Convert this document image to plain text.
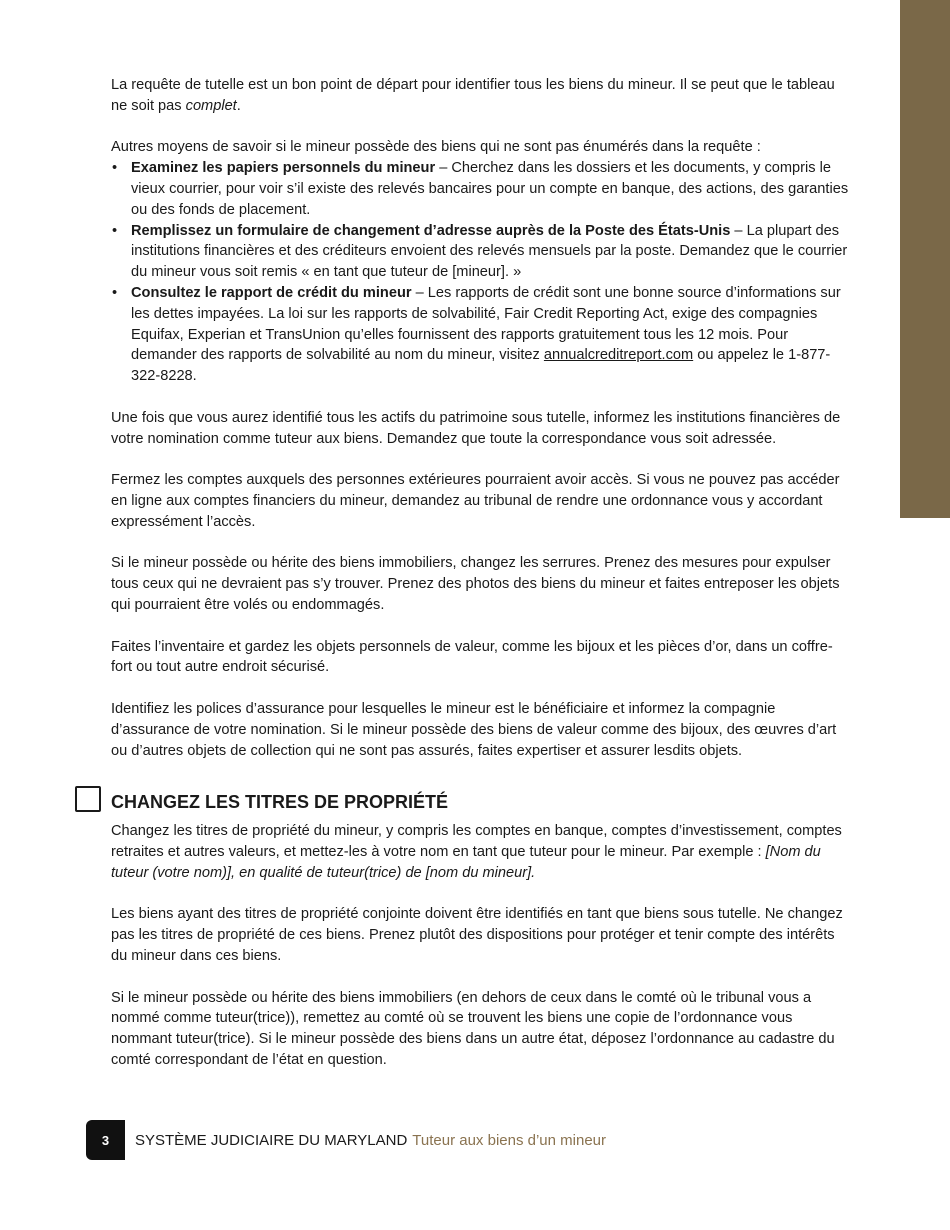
La requête de tutelle est un bon point de départ pour identifier tous les biens du mineur. Il se peut que le tableau ne soit pas complet.

Autres moyens de savoir si le mineur possède des biens qui ne sont pas énumérés dans la requête :
• Examinez les papiers personnels du mineur – Cherchez dans les dossiers et les documents, y compris le vieux courrier, pour voir s’il existe des relevés bancaires pour un compte en banque, des actions, des garanties ou des fonds de placement.
• Remplissez un formulaire de changement d’adresse auprès de la Poste des États-Unis – La plupart des institutions financières et des créditeurs envoient des relevés mensuels par la poste. Demandez que le courrier du mineur vous soit remis « en tant que tuteur de [mineur]. »
• Consultez le rapport de crédit du mineur – Les rapports de crédit sont une bonne source d’informations sur les dettes impayées. La loi sur les rapports de solvabilité, Fair Credit Reporting Act, exige des compagnies Equifax, Experian et TransUnion qu’elles fournissent des rapports gratuitement tous les 12 mois. Pour demander des rapports de solvabilité au nom du mineur, visitez annualcreditreport.com ou appelez le 1-877-322-8228.

Une fois que vous aurez identifié tous les actifs du patrimoine sous tutelle, informez les institutions financières de votre nomination comme tuteur aux biens. Demandez que toute la correspondance vous soit adressée.

Fermez les comptes auxquels des personnes extérieures pourraient avoir accès. Si vous ne pouvez pas accéder en ligne aux comptes financiers du mineur, demandez au tribunal de rendre une ordonnance vous y accordant expressément l’accès.

Si le mineur possède ou hérite des biens immobiliers, changez les serrures. Prenez des mesures pour expulser tous ceux qui ne devraient pas s’y trouver. Prenez des photos des biens du mineur et faites entreposer les objets qui pourraient être volés ou endommagés.

Faites l’inventaire et gardez les objets personnels de valeur, comme les bijoux et les pièces d’or, dans un coffre-fort ou tout autre endroit sécurisé.

Identifiez les polices d’assurance pour lesquelles le mineur est le bénéficiaire et informez la compagnie d’assurance de votre nomination. Si le mineur possède des biens de valeur comme des bijoux, des œuvres d’art ou d’autres objets de collection qui ne sont pas assurés, faites expertiser et assurer lesdits objets.

CHANGEZ LES TITRES DE PROPRIÉTÉ

Changez les titres de propriété du mineur, y compris les comptes en banque, comptes d’investissement, comptes retraites et autres valeurs, et mettez-les à votre nom en tant que tuteur pour le mineur. Par exemple : [Nom du tuteur (votre nom)], en qualité de tuteur(trice) de [nom du mineur].

Les biens ayant des titres de propriété conjointe doivent être identifiés en tant que biens sous tutelle. Ne changez pas les titres de propriété de ces biens. Prenez plutôt des dispositions pour protéger et tenir compte des intérêts du mineur dans ces biens.

Si le mineur possède ou hérite des biens immobiliers (en dehors de ceux dans le comté où le tribunal vous a nommé comme tuteur(trice)), remettez au comté où se trouvent les biens une copie de l’ordonnance vous nommant tuteur(trice). Si le mineur possède des biens dans un autre état, déposez l’ordonnance au cadastre du comté correspondant de l’état en question.

3	SYSTÈME JUDICIAIRE DU MARYLAND Tuteur aux biens d’un mineur
